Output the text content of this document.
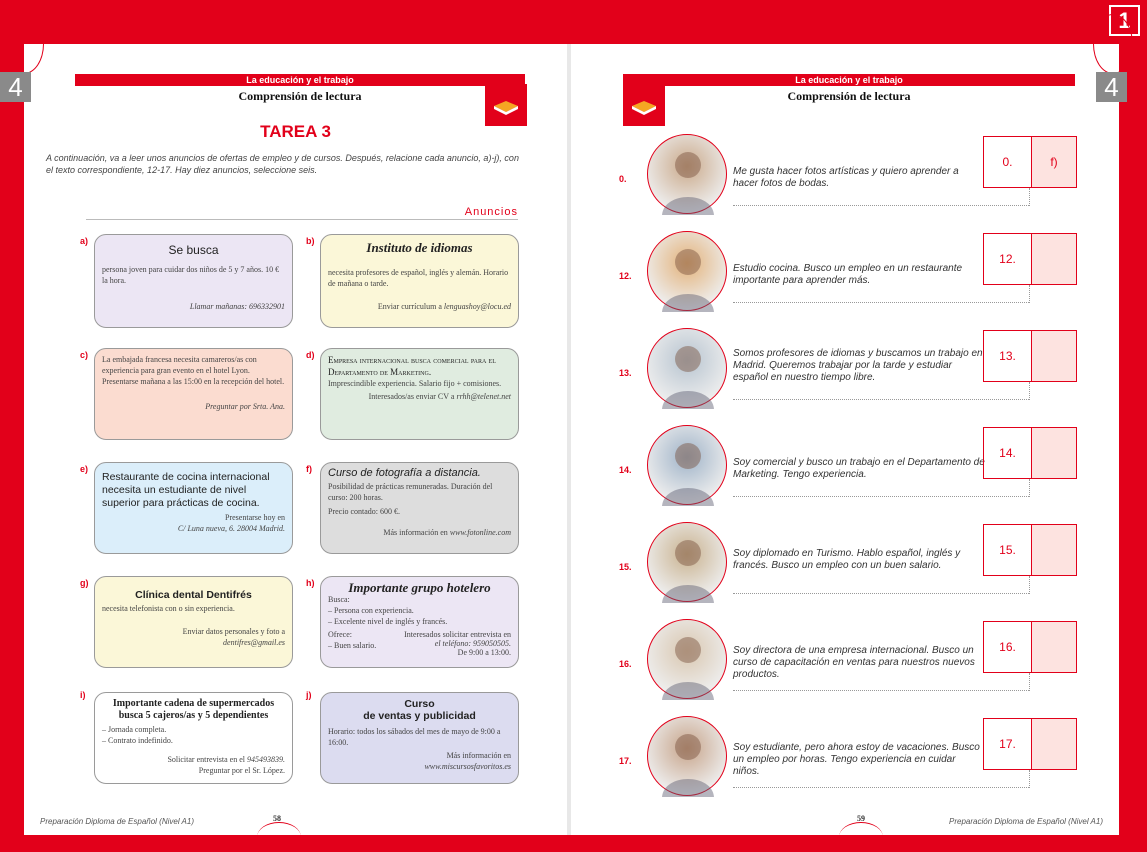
1
4	La educación y el trabajo
Comprensión de lectura
TAREA 3
A continuación, va a leer unos anuncios de ofertas de empleo y de cursos. Después, relacione cada anuncio, a)-j), con el texto correspondiente, 12-17. Hay diez anuncios, seleccione seis.
Anuncios
a)
Se busca
persona joven para cuidar dos niños de 5 y 7 años. 10 € la hora.
Llamar mañanas: 696332901
b)	Instituto de idiomas
necesita profesores de español, inglés y alemán. Horario de mañana o tarde.
Enviar currículum a lenguashoy@locu.ed
c) La embajada francesa necesita camareros/as con experiencia para gran evento en el hotel Lyon. Presentarse mañana a las 15:00 en la recepción del hotel.
Preguntar por Srta. Ana.
d) Empresa internacional busca comercial para el Departamento de Marketing.
Imprescindible experiencia. Salario fijo + comisiones.
Interesados/as enviar CV a rrhh@telenet.net
e)
Restaurante de cocina internacional necesita un estudiante de nivel superior para prácticas de cocina.
Presentarse hoy en
C/ Luna nueva, 6. 28004 Madrid.
f) Curso de fotografía a distancia.
Posibilidad de prácticas remuneradas. Duración del curso: 200 horas.
Precio contado: 600 €.
Más información en www.fotonline.com
g)
Clínica dental Dentifrés
necesita telefonista con o sin experiencia.
Enviar datos personales y foto a
dentifres@gmail.es
h)	Importante grupo hotelero
Busca:
– Persona con experiencia.
– Excelente nivel de inglés y francés.
Ofrece:
– Buen salario.
Interesados solicitar entrevista en
el teléfono: 959050505.
De 9:00 a 13:00.
i)
Importante cadena de supermercados busca 5 cajeros/as y 5 dependientes
– Jornada completa.
– Contrato indefinido.
Solicitar entrevista en el 945493839.
Preguntar por el Sr. López.
j)
Curso
de ventas y publicidad
Horario: todos los sábados del mes de mayo de 9:00 a 16:00.
Más información en
www.miscursosfavoritos.es
Preparación Diploma de Español (Nivel A1)	58
4
La educación y el trabajo
Comprensión de lectura
0.
Me gusta hacer fotos artísticas y quiero aprender a hacer fotos de bodas.
0.	f)
12.
Estudio cocina. Busco un empleo en un restaurante importante para aprender más.
12.
13.
Somos profesores de idiomas y buscamos un trabajo en Madrid. Queremos trabajar por la tarde y estudiar español en nuestro tiempo libre.
13.
14.
Soy comercial y busco un trabajo en el Departamento de Marketing. Tengo experiencia.
14.
15.
Soy diplomado en Turismo. Hablo español, inglés y francés. Busco un empleo con un buen salario.
15.
16.
Soy directora de una empresa internacional. Busco un curso de capacitación en ventas para nuestros nuevos productos.
16.
17.
Soy estudiante, pero ahora estoy de vacaciones. Busco un empleo por horas. Tengo experiencia en cuidar niños.
17.
Preparación Diploma de Español (Nivel A1)
59
